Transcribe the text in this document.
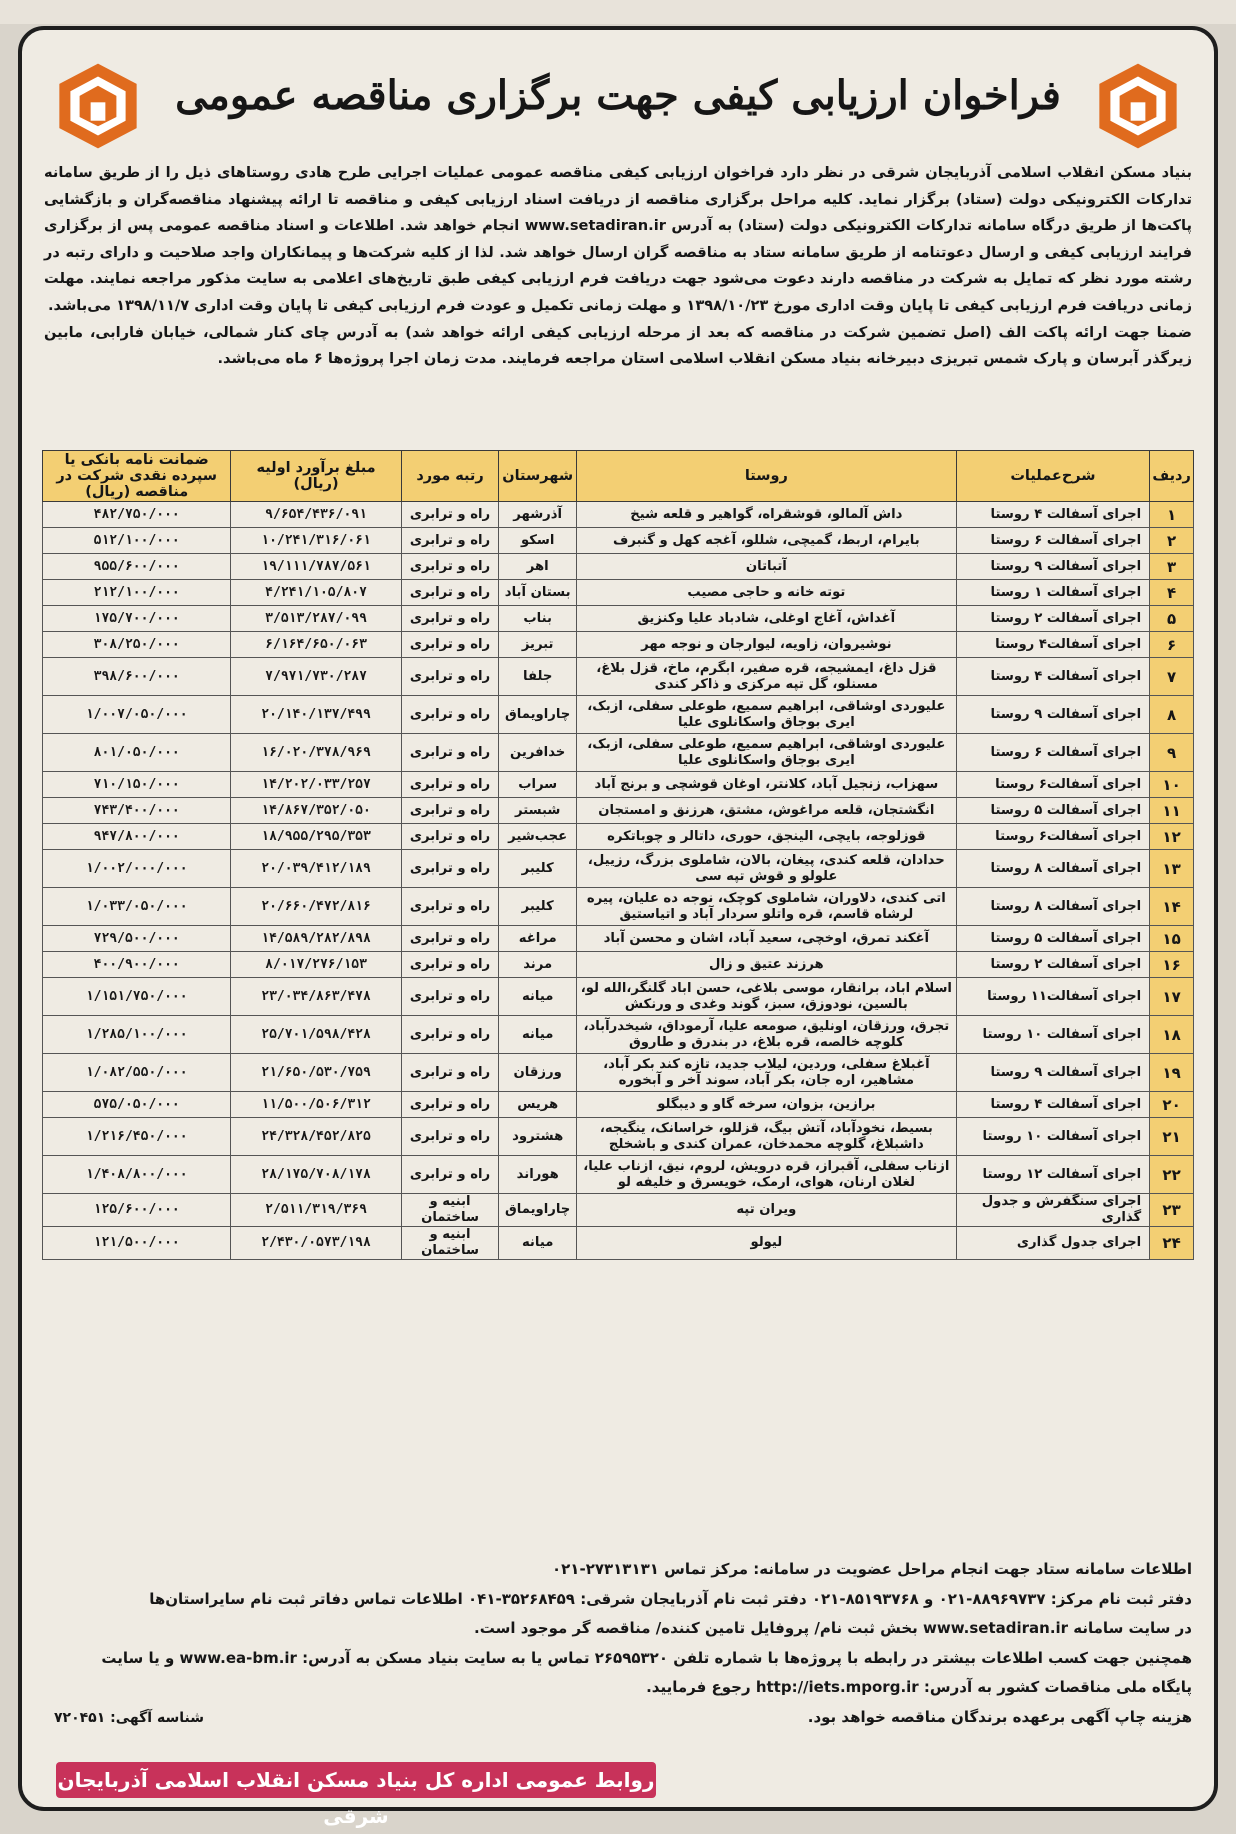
فراخوان ارزیابی کیفی جهت برگزاری مناقصه عمومی

بنیاد مسکن انقلاب اسلامی آذربایجان شرقی در نظر دارد فراخوان ارزیابی کیفی مناقصه عمومی عملیات اجرایی طرح هادی روستاهای ذیل را از طریق سامانه تدارکات الکترونیکی دولت (ستاد) برگزار نماید. کلیه مراحل برگزاری مناقصه از دریافت اسناد ارزیابی کیفی و مناقصه تا ارائه پیشنهاد مناقصه‌گران و بازگشایی پاکت‌ها از طریق درگاه سامانه تدارکات الکترونیکی دولت (ستاد) به آدرس www.setadiran.ir انجام خواهد شد. اطلاعات و اسناد مناقصه عمومی پس از برگزاری فرایند ارزیابی کیفی و ارسال دعوتنامه از طریق سامانه ستاد به مناقصه گران ارسال خواهد شد. لذا از کلیه شرکت‌ها و پیمانکاران واجد صلاحیت و دارای رتبه در رشته مورد نظر که تمایل به شرکت در مناقصه دارند دعوت می‌شود جهت دریافت فرم ارزیابی کیفی طبق تاریخ‌های اعلامی به سایت مذکور مراجعه نمایند. مهلت زمانی دریافت فرم ارزیابی کیفی تا پایان وقت اداری مورخ ۱۳۹۸/۱۰/۲۳ و مهلت زمانی تکمیل و عودت فرم ارزیابی کیفی تا پایان وقت اداری ۱۳۹۸/۱۱/۷ می‌باشد.

ضمنا جهت ارائه پاکت الف (اصل تضمین شرکت در مناقصه که بعد از مرحله ارزیابی کیفی ارائه خواهد شد) به آدرس چای کنار شمالی، خیابان فارابی، مابین زیرگذر آبرسان و پارک شمس تبریزی دبیرخانه بنیاد مسکن انقلاب اسلامی استان مراجعه فرمایند. مدت زمان اجرا پروژه‌ها ۶ ماه می‌باشد.

ردیف	شرح‌عملیات	روستا	شهرستان	رتبه مورد	مبلغ برآورد اولیه (ریال)	ضمانت نامه بانکی یا سپرده نقدی شرکت در مناقصه (ریال)
۱	اجرای آسفالت ۴ روستا	داش آلمالو، قوشقراه، گواهیر و قلعه شیخ	آذرشهر	راه و ترابری	۹/۶۵۴/۴۳۶/۰۹۱	۴۸۲/۷۵۰/۰۰۰
۲	اجرای آسفالت ۶ روستا	بایرام، اربط، گمیچی، شللو، آغجه کهل و گنبرف	اسکو	راه و ترابری	۱۰/۲۴۱/۳۱۶/۰۶۱	۵۱۲/۱۰۰/۰۰۰
۳	اجرای آسفالت ۹ روستا	آتباتان	اهر	راه و ترابری	۱۹/۱۱۱/۷۸۷/۵۶۱	۹۵۵/۶۰۰/۰۰۰
۴	اجرای آسفالت ۱ روستا	توته خانه و حاجی مصیب	بستان آباد	راه و ترابری	۴/۲۴۱/۱۰۵/۸۰۷	۲۱۲/۱۰۰/۰۰۰
۵	اجرای آسفالت ۲ روستا	آغداش، آغاج اوغلی، شادباد علیا وکنزیق	بناب	راه و ترابری	۳/۵۱۳/۲۸۷/۰۹۹	۱۷۵/۷۰۰/۰۰۰
۶	اجرای آسفالت۴ روستا	نوشیروان، زاویه، لیوارجان و نوجه مهر	تبریز	راه و ترابری	۶/۱۶۴/۶۵۰/۰۶۳	۳۰۸/۲۵۰/۰۰۰
۷	اجرای آسفالت ۴ روستا	قزل داغ، ایمشیجه، قره صفیر، ابگرم، ماخ، قزل بلاغ، مسنلو، گل تپه مرکزی و ذاکر کندی	جلفا	راه و ترابری	۷/۹۷۱/۷۳۰/۲۸۷	۳۹۸/۶۰۰/۰۰۰
۸	اجرای آسفالت ۹ روستا	علیوردی اوشاقی، ابراهیم سمیع، طوعلی سفلی، ازبک، ایری بوجاق واسکانلوی علیا	چاراویماق	راه و ترابری	۲۰/۱۴۰/۱۳۷/۴۹۹	۱/۰۰۷/۰۵۰/۰۰۰
۹	اجرای آسفالت ۶ روستا	علیوردی اوشاقی، ابراهیم سمیع، طوعلی سفلی، ازبک، ایری بوجاق واسکانلوی علیا	خدافرین	راه و ترابری	۱۶/۰۲۰/۳۷۸/۹۶۹	۸۰۱/۰۵۰/۰۰۰
۱۰	اجرای آسفالت۶ روستا	سهزاب، زنجیل آباد، کلانتر، اوغان قوشچی و برنج آباد	سراب	راه و ترابری	۱۴/۲۰۲/۰۳۳/۲۵۷	۷۱۰/۱۵۰/۰۰۰
۱۱	اجرای آسفالت ۵ روستا	انگشتجان، قلعه مراغوش، مشتق، هرزنق و امستجان	شبستر	راه و ترابری	۱۴/۸۶۷/۳۵۲/۰۵۰	۷۴۳/۴۰۰/۰۰۰
۱۲	اجرای آسفالت۶ روستا	قوزلوجه، بایچی، الینجق، حوری، داتالر و چوباتکره	عجب‌شیر	راه و ترابری	۱۸/۹۵۵/۲۹۵/۳۵۳	۹۴۷/۸۰۰/۰۰۰
۱۳	اجرای آسفالت ۸ روستا	حدادان، قلعه کندی، پیغان، بالان، شاملوی بزرگ، رزییل، علولو و قوش تپه سی	کلیبر	راه و ترابری	۲۰/۰۳۹/۴۱۲/۱۸۹	۱/۰۰۲/۰۰۰/۰۰۰
۱۴	اجرای آسفالت ۸ روستا	اتی کندی، دلاوران، شاملوی کوچک، نوجه ده علیان، پیره لرشاه قاسم، قره واتلو سردار آباد و اتیاستیق	کلیبر	راه و ترابری	۲۰/۶۶۰/۴۷۲/۸۱۶	۱/۰۳۳/۰۵۰/۰۰۰
۱۵	اجرای آسفالت ۵ روستا	آغکند تمرق، اوخچی، سعید آباد، اشان و محسن آباد	مراغه	راه و ترابری	۱۴/۵۸۹/۲۸۲/۸۹۸	۷۲۹/۵۰۰/۰۰۰
۱۶	اجرای آسفالت ۲ روستا	هرزند عتیق و زال	مرند	راه و ترابری	۸/۰۱۷/۲۷۶/۱۵۳	۴۰۰/۹۰۰/۰۰۰
۱۷	اجرای آسفالت۱۱ روستا	اسلام اباد، برانقار، موسی بلاغی، حسن اباد گلنگر،الله لو، بالسین، نودوزق، سبز، گوند وغدی و ورنکش	میانه	راه و ترابری	۲۳/۰۳۴/۸۶۳/۴۷۸	۱/۱۵۱/۷۵۰/۰۰۰
۱۸	اجرای آسفالت ۱۰ روستا	تجرق، ورزقان، اونلیق، صومعه علیا، آرموداق، شیخدرآباد، کلوچه خالصه، قره بلاغ، در بندرق و طاروق	میانه	راه و ترابری	۲۵/۷۰۱/۵۹۸/۴۲۸	۱/۲۸۵/۱۰۰/۰۰۰
۱۹	اجرای آسفالت ۹ روستا	آغبلاغ سفلی، وردین، لیلاب جدید، تازه کند بکر آباد، مشاهیر، اره جان، بکر آباد، سوند آخر و آبخوره	ورزقان	راه و ترابری	۲۱/۶۵۰/۵۳۰/۷۵۹	۱/۰۸۲/۵۵۰/۰۰۰
۲۰	اجرای آسفالت ۴ روستا	برازین، بزوان، سرخه گاو و دیبگلو	هریس	راه و ترابری	۱۱/۵۰۰/۵۰۶/۳۱۲	۵۷۵/۰۵۰/۰۰۰
۲۱	اجرای آسفالت ۱۰ روستا	بسیط، نخودآباد، آتش بیگ، قزللو، خراسانک، ینگیجه، داشبلاغ، گلوچه محمدخان، عمران کندی و باشخلج	هشترود	راه و ترابری	۲۴/۳۲۸/۴۵۲/۸۲۵	۱/۲۱۶/۴۵۰/۰۰۰
۲۲	اجرای آسفالت ۱۲ روستا	ازناب سفلی، آقبراز، قره درویش، لروم، نیق، ازناب علیا، لغلان ارنان، هوای، ارمک، خویسرق و خلیفه لو	هوراند	راه و ترابری	۲۸/۱۷۵/۷۰۸/۱۷۸	۱/۴۰۸/۸۰۰/۰۰۰
۲۳	اجرای سنگفرش و جدول گذاری	ویران تپه	چاراویماق	ابنیه و ساختمان	۲/۵۱۱/۳۱۹/۳۶۹	۱۲۵/۶۰۰/۰۰۰
۲۴	اجرای جدول گذاری	لیولو	میانه	ابنیه و ساختمان	۲/۴۳۰/۰۵۷۳/۱۹۸	۱۲۱/۵۰۰/۰۰۰

اطلاعات سامانه ستاد جهت انجام مراحل عضویت در سامانه: مرکز تماس ۲۷۳۱۳۱۳۱-۰۲۱

دفتر ثبت نام مرکز: ۸۸۹۶۹۷۳۷-۰۲۱ و ۸۵۱۹۳۷۶۸-۰۲۱ دفتر ثبت نام آذربایجان شرقی: ۳۵۲۶۸۴۵۹-۰۴۱ اطلاعات تماس دفاتر ثبت نام سایراستان‌ها

در سایت سامانه www.setadiran.ir بخش ثبت نام/ پروفایل تامین کننده/ مناقصه گر موجود است.

همچنین جهت کسب اطلاعات بیشتر در رابطه با پروژه‌ها با شماره تلفن ۲۶۵۹۵۳۲۰ تماس یا به سایت بنیاد مسکن به آدرس: www.ea-bm.ir و یا سایت

پایگاه ملی مناقصات کشور به آدرس: http://iets.mporg.ir رجوع فرمایید.

هزینه چاپ آگهی برعهده برندگان مناقصه خواهد بود.

شناسه آگهی: ۷۲۰۴۵۱
روابط عمومی اداره کل بنیاد مسکن انقلاب اسلامی آذربایجان شرقی
